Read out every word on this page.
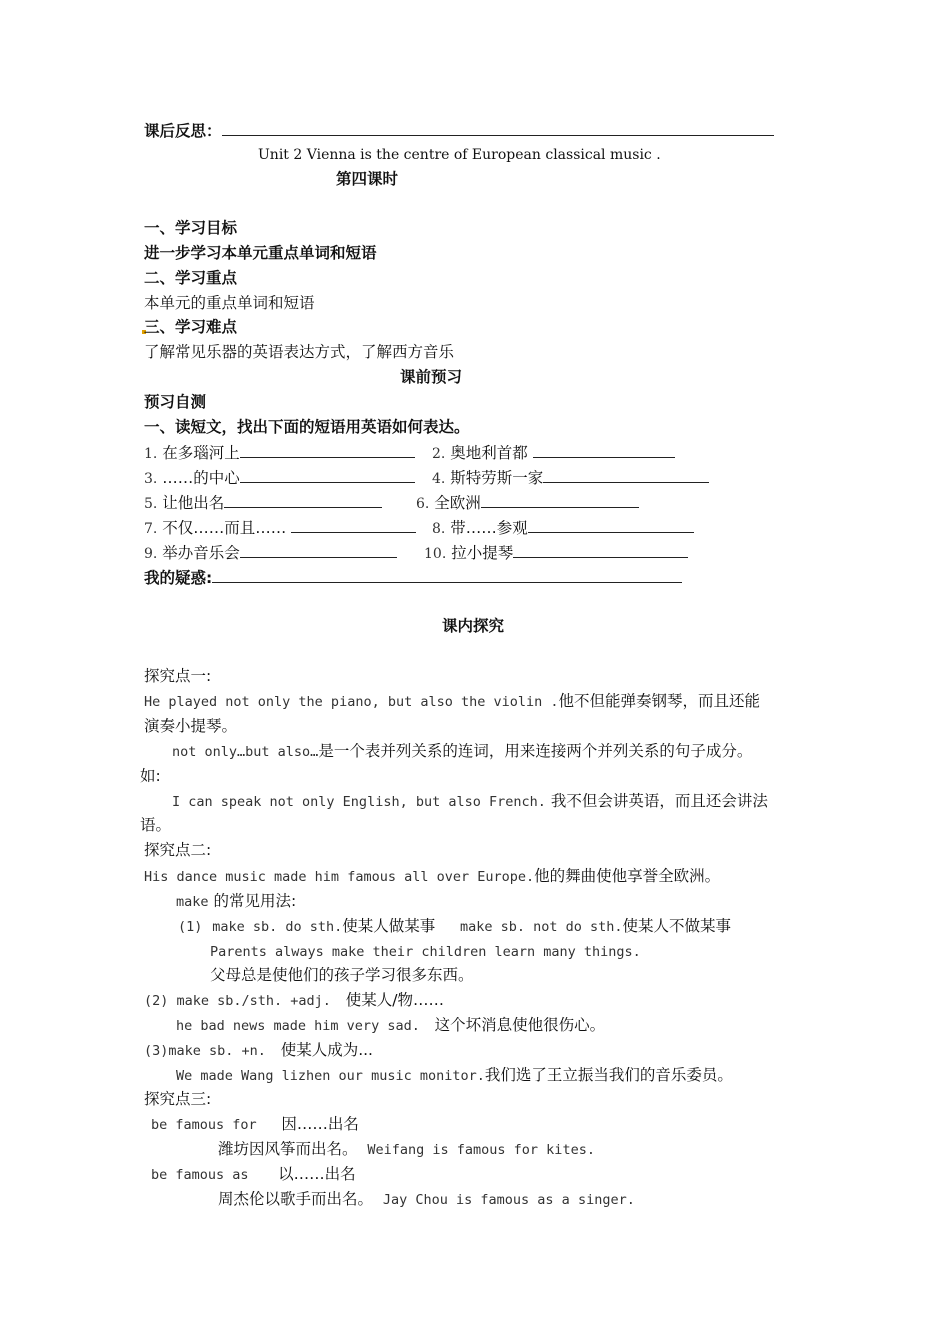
课后反思：
Unit 2 Vienna is the centre of European classical music .
第四课时
一、学习目标
进一步学习本单元重点单词和短语
二、学习重点
本单元的重点单词和短语
三、学习难点
了解常见乐器的英语表达方式，了解西方音乐
课前预习
预习自测
一、读短文，找出下面的短语用英语如何表达。
1. 在多瑙河上	2. 奥地利首都
3. ……的中心	4. 斯特劳斯一家
5. 让他出名	6. 全欧洲
7. 不仅……而且……	8. 带……参观
9. 举办音乐会	10. 拉小提琴
我的疑惑:
课内探究
探究点一:
He played not only the piano, but also the violin .他不但能弹奏钢琴，而且还能
演奏小提琴。
not only…but also…是一个表并列关系的连词，用来连接两个并列关系的句子成分。
如:
I can speak not only English, but also French. 我不但会讲英语，而且还会讲法
语。
探究点二:
His dance music made him famous all over Europe.他的舞曲使他享誉全欧洲。
make 的常见用法:
(1) make sb. do sth.使某人做某事 make sb. not do sth.使某人不做某事
Parents always make their children learn many things.
父母总是使他们的孩子学习很多东西。
(2) make sb./sth. +adj. 使某人/物……
he bad news made him very sad. 这个坏消息使他很伤心。
(3)make sb. +n. 使某人成为...
We made Wang lizhen our music monitor.我们选了王立振当我们的音乐委员。
探究点三:
be famous for 因……出名
潍坊因风筝而出名。 Weifang is famous for kites.
be famous as 以……出名
周杰伦以歌手而出名。 Jay Chou is famous as a singer.
